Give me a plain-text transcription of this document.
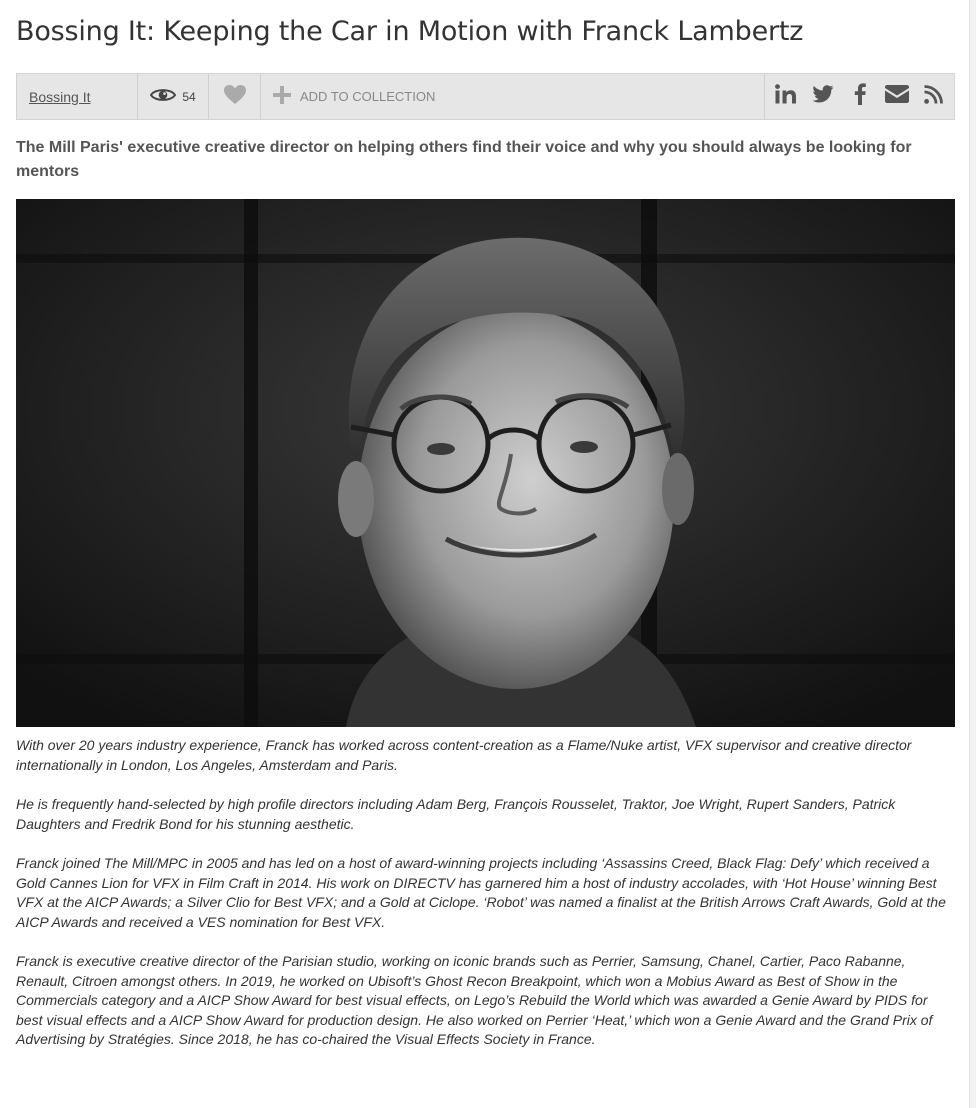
Bossing It: Keeping the Car in Motion with Franck Lambertz
Bossing It	54	ADD TO COLLECTION

The Mill Paris' executive creative director on helping others find their voice and why you should always be looking for mentors

With over 20 years industry experience, Franck has worked across content-creation as a Flame/Nuke artist, VFX supervisor and creative director internationally in London, Los Angeles, Amsterdam and Paris.

He is frequently hand-selected by high profile directors including Adam Berg, François Rousselet, Traktor, Joe Wright, Rupert Sanders, Patrick Daughters and Fredrik Bond for his stunning aesthetic.

Franck joined The Mill/MPC in 2005 and has led on a host of award-winning projects including ‘Assassins Creed, Black Flag: Defy’ which received a Gold Cannes Lion for VFX in Film Craft in 2014. His work on DIRECTV has garnered him a host of industry accolades, with ‘Hot House’ winning Best VFX at the AICP Awards; a Silver Clio for Best VFX; and a Gold at Ciclope. ‘Robot’ was named a finalist at the British Arrows Craft Awards, Gold at the AICP Awards and received a VES nomination for Best VFX.

Franck is executive creative director of the Parisian studio, working on iconic brands such as Perrier, Samsung, Chanel, Cartier, Paco Rabanne, Renault, Citroen amongst others. In 2019, he worked on Ubisoft’s Ghost Recon Breakpoint, which won a Mobius Award as Best of Show in the Commercials category and a AICP Show Award for best visual effects, on Lego’s Rebuild the World which was awarded a Genie Award by PIDS for best visual effects and a AICP Show Award for production design. He also worked on Perrier ‘Heat,’ which won a Genie Award and the Grand Prix of Advertising by Stratégies. Since 2018, he has co-chaired the Visual Effects Society in France.
